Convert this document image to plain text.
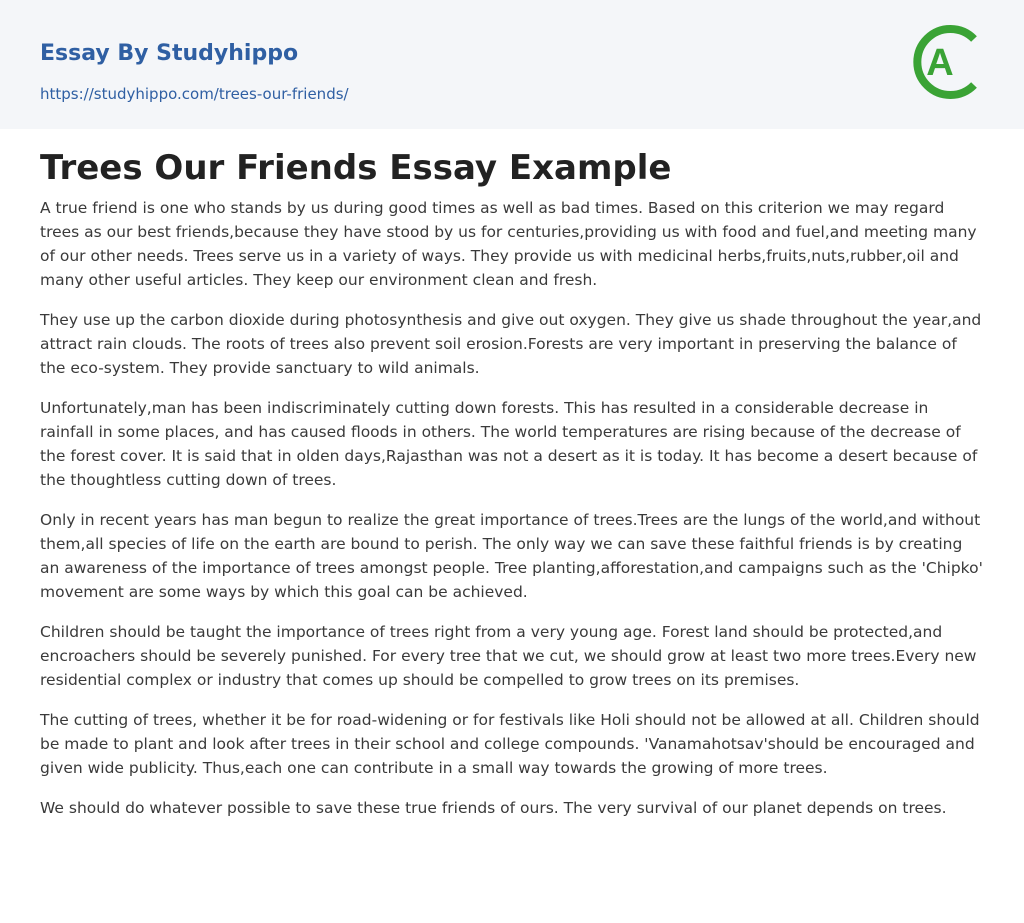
Essay By Studyhippo
https://studyhippo.com/trees-our-friends/
A
Trees Our Friends Essay Example

A true friend is one who stands by us during good times as well as bad times. Based on this criterion we may regard trees as our best friends,because they have stood by us for centuries,providing us with food and fuel,and meeting many of our other needs. Trees serve us in a variety of ways. They provide us with medicinal herbs,fruits,nuts,rubber,oil and many other useful articles. They keep our environment clean and fresh.

They use up the carbon dioxide during photosynthesis and give out oxygen. They give us shade throughout the year,and attract rain clouds. The roots of trees also prevent soil erosion.Forests are very important in preserving the balance of the eco-system. They provide sanctuary to wild animals.

Unfortunately,man has been indiscriminately cutting down forests. This has resulted in a considerable decrease in rainfall in some places, and has caused floods in others. The world temperatures are rising because of the decrease of the forest cover. It is said that in olden days,Rajasthan was not a desert as it is today. It has become a desert because of the thoughtless cutting down of trees.

Only in recent years has man begun to realize the great importance of trees.Trees are the lungs of the world,and without them,all species of life on the earth are bound to perish. The only way we can save these faithful friends is by creating an awareness of the importance of trees amongst people. Tree planting,afforestation,and campaigns such as the 'Chipko' movement are some ways by which this goal can be achieved.

Children should be taught the importance of trees right from a very young age. Forest land should be protected,and encroachers should be severely punished. For every tree that we cut, we should grow at least two more trees.Every new residential complex or industry that comes up should be compelled to grow trees on its premises.

The cutting of trees, whether it be for road-widening or for festivals like Holi should not be allowed at all. Children should be made to plant and look after trees in their school and college compounds. 'Vanamahotsav'should be encouraged and given wide publicity. Thus,each one can contribute in a small way towards the growing of more trees.

We should do whatever possible to save these true friends of ours. The very survival of our planet depends on trees.
